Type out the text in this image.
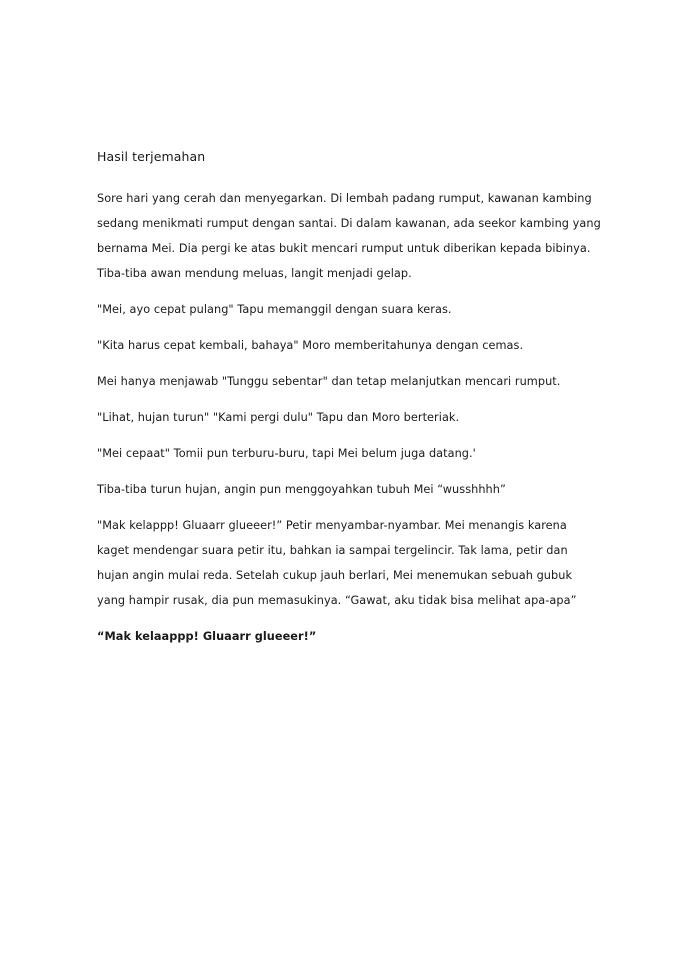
Hasil terjemahan

Sore hari yang cerah dan menyegarkan. Di lembah padang rumput, kawanan kambing sedang menikmati rumput dengan santai. Di dalam kawanan, ada seekor kambing yang bernama Mei. Dia pergi ke atas bukit mencari rumput untuk diberikan kepada bibinya. Tiba-tiba awan mendung meluas, langit menjadi gelap.

"Mei, ayo cepat pulang" Tapu memanggil dengan suara keras.

"Kita harus cepat kembali, bahaya" Moro memberitahunya dengan cemas.

Mei hanya menjawab "Tunggu sebentar" dan tetap melanjutkan mencari rumput.

"Lihat, hujan turun" "Kami pergi dulu" Tapu dan Moro berteriak.

"Mei cepaat" Tomii pun terburu-buru, tapi Mei belum juga datang.'

Tiba-tiba turun hujan, angin pun menggoyahkan tubuh Mei “wusshhhh”

"Mak kelappp! Gluaarr glueeer!” Petir menyambar-nyambar. Mei menangis karena kaget mendengar suara petir itu, bahkan ia sampai tergelincir. Tak lama, petir dan hujan angin mulai reda. Setelah cukup jauh berlari, Mei menemukan sebuah gubuk yang hampir rusak, dia pun memasukinya. “Gawat, aku tidak bisa melihat apa-apa”

“Mak kelaappp! Gluaarr glueeer!”
